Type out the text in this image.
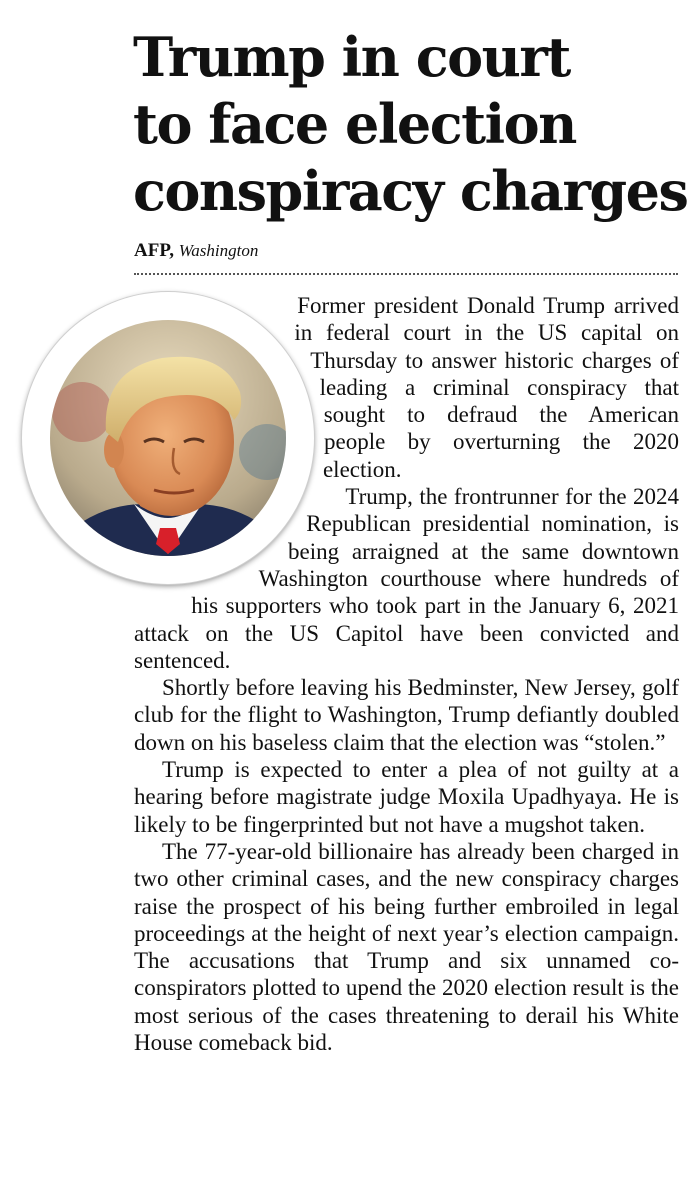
Trump in court
to face election
conspiracy charges
AFP, Washington

Former president Donald Trump arrived in federal court in the US capital on Thursday to answer historic charges of leading a criminal conspiracy that sought to defraud the American people by overturning the 2020 election.

Trump, the frontrunner for the 2024 Republican presidential nomination, is being arraigned at the same downtown Washington courthouse where hundreds of his supporters who took part in the January 6, 2021 attack on the US Capitol have been convicted and sentenced.

Shortly before leaving his Bedminster, New Jersey, golf club for the flight to Washington, Trump defiantly doubled down on his baseless claim that the election was “stolen.”

Trump is expected to enter a plea of not guilty at a hearing before magistrate judge Moxila Upadhyaya. He is likely to be fingerprinted but not have a mugshot taken.

The 77-year-old billionaire has already been charged in two other criminal cases, and the new conspiracy charges raise the prospect of his being further embroiled in legal proceedings at the height of next year’s election campaign. The accusations that Trump and six unnamed co-conspirators plotted to upend the 2020 election result is the most serious of the cases threatening to derail his White House comeback bid.
